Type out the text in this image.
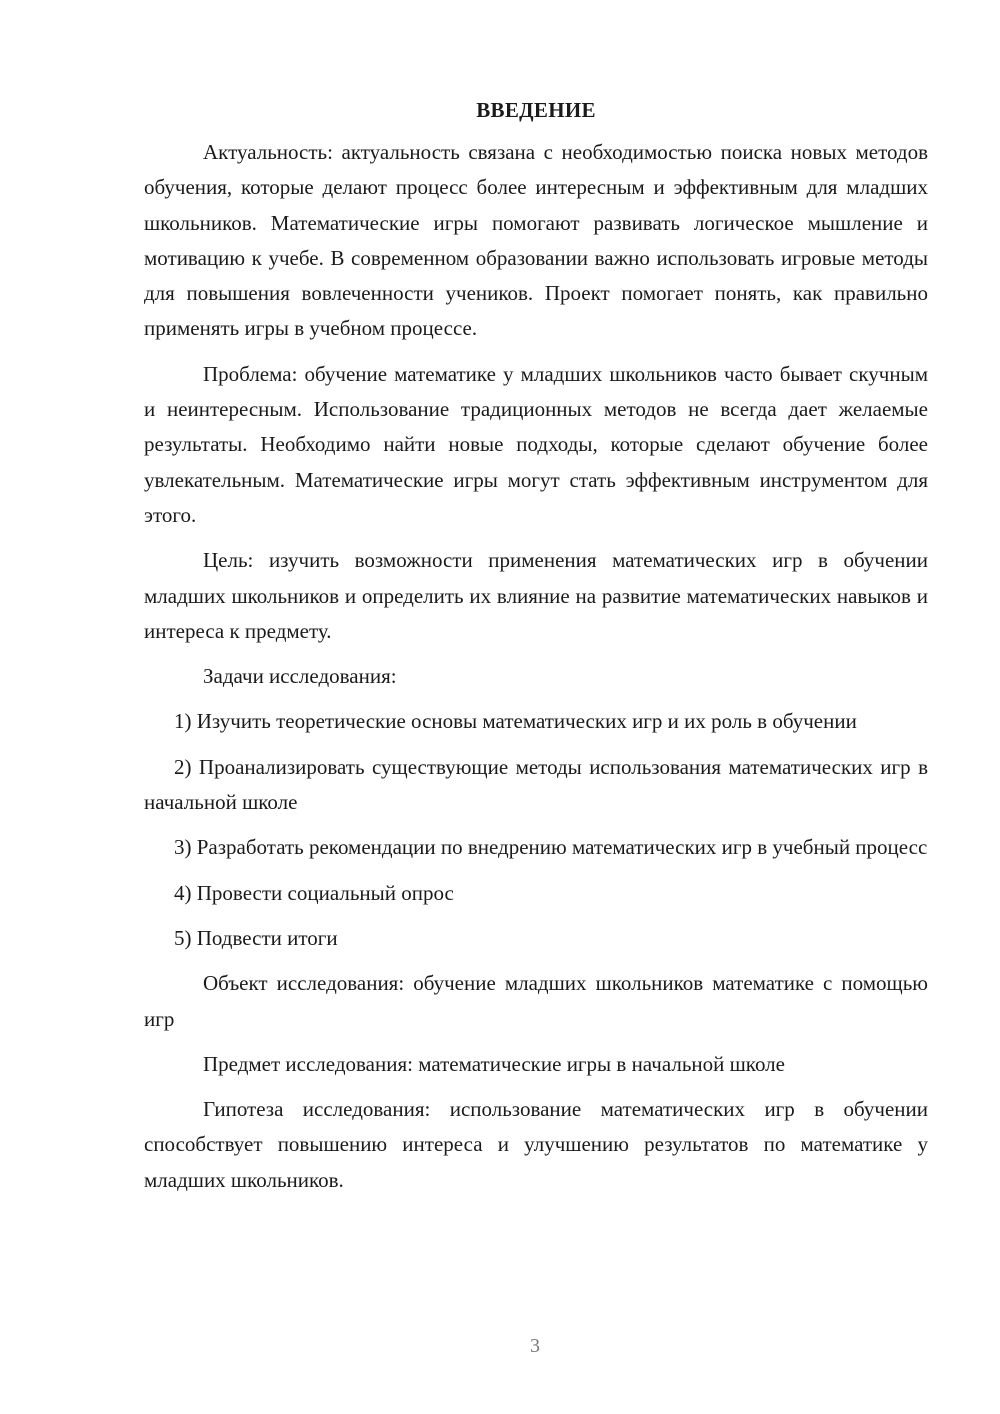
ВВЕДЕНИЕ

Актуальность: актуальность связана с необходимостью поиска новых методов обучения, которые делают процесс более интересным и эффективным для младших школьников. Математические игры помогают развивать логическое мышление и мотивацию к учебе. В современном образовании важно использовать игровые методы для повышения вовлеченности учеников. Проект помогает понять, как правильно применять игры в учебном процессе.

Проблема: обучение математике у младших школьников часто бывает скучным и неинтересным. Использование традиционных методов не всегда дает желаемые результаты. Необходимо найти новые подходы, которые сделают обучение более увлекательным. Математические игры могут стать эффективным инструментом для этого.

Цель: изучить возможности применения математических игр в обучении младших школьников и определить их влияние на развитие математических навыков и интереса к предмету.

Задачи исследования:

1) Изучить теоретические основы математических игр и их роль в обучении

2) Проанализировать существующие методы использования математических игр в начальной школе

3) Разработать рекомендации по внедрению математических игр в учебный процесс

4) Провести социальный опрос

5) Подвести итоги

Объект исследования: обучение младших школьников математике с помощью игр

Предмет исследования: математические игры в начальной школе

Гипотеза исследования: использование математических игр в обучении способствует повышению интереса и улучшению результатов по математике у младших школьников.

3
